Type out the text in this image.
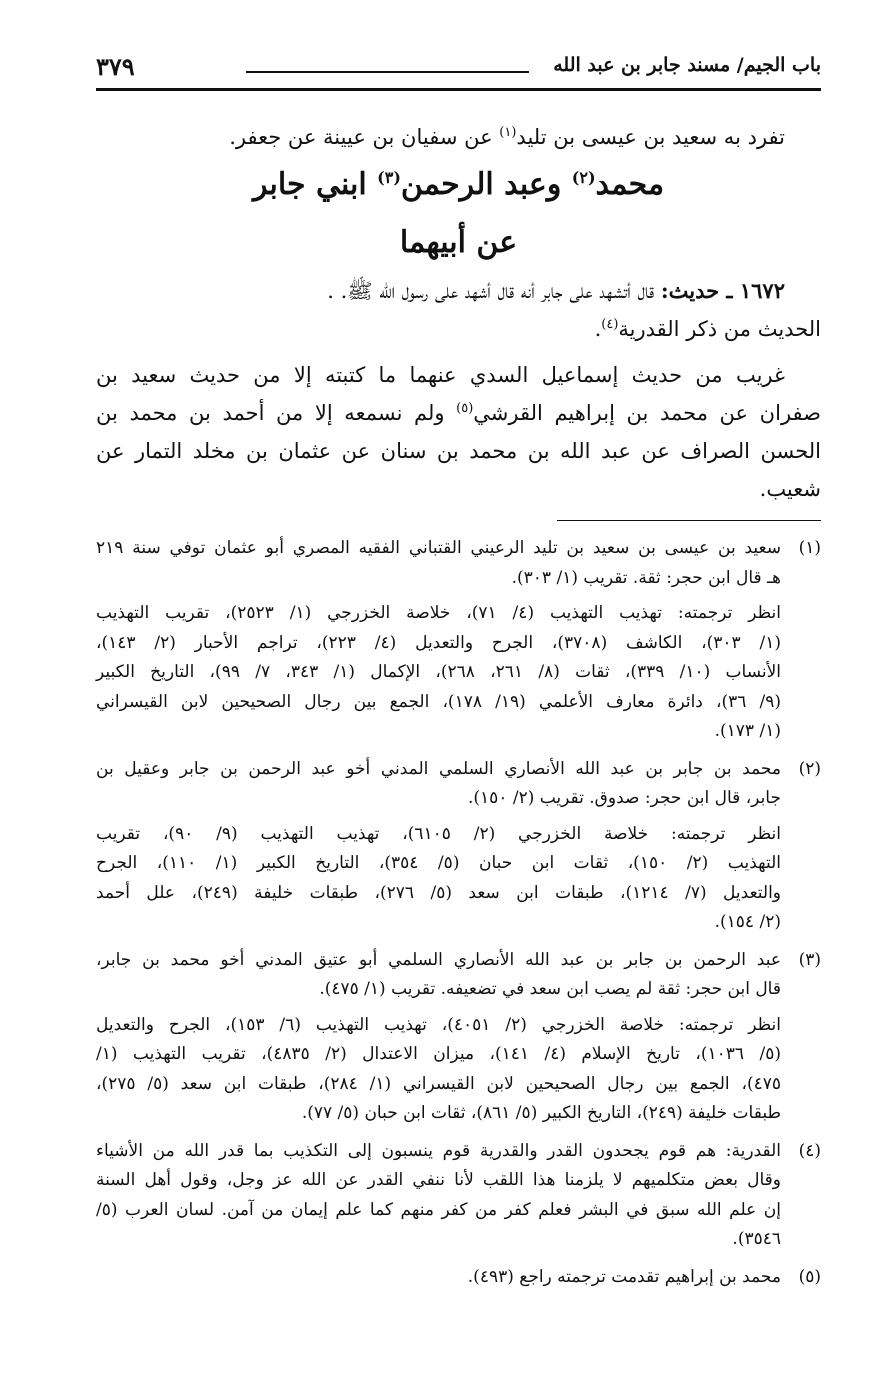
باب الجيم/ مسند جابر بن عبد الله
٣٧٩
تفرد به سعيد بن عيسى بن تليد$^{(١)}$ عن سفيان بن عيينة عن جعفر.
محمد$^{(٢)}$ وعبد الرحمن$^{(٣)}$ ابني جابر
عن أبيهما
١٦٧٢ ـ حديث: قال أتشهد على جابر أنه قال أشهد على رسول الله ﷺ. .
الحديث من ذكر القدرية$^{(٤)}$.
غريب من حديث إسماعيل السدي عنهما ما كتبته إلا من حديث سعيد بن
صفران عن محمد بن إبراهيم القرشي$^{(٥)}$ ولم نسمعه إلا من أحمد بن محمد بن
الحسن الصراف عن عبد الله بن محمد بن سنان عن عثمان بن مخلد التمار عن
شعيب.
(١)
سعيد بن عيسى بن سعيد بن تليد الرعيني القتباني الفقيه المصري أبو عثمان توفي سنة ٢١٩
هـ قال ابن حجر: ثقة. تقريب (١/ ٣٠٣).
انظر ترجمته: تهذيب التهذيب (٤/ ٧١)، خلاصة الخزرجي (١/ ٢٥٢٣)، تقريب التهذيب
(١/ ٣٠٣)، الكاشف (٣٧٠٨)، الجرح والتعديل (٤/ ٢٢٣)، تراجم الأحبار (٢/ ١٤٣)،
الأنساب (١٠/ ٣٣٩)، ثقات (٨/ ٢٦١، ٢٦٨)، الإكمال (١/ ٣٤٣، ٧/ ٩٩)، التاريخ الكبير
(٩/ ٣٦)، دائرة معارف الأعلمي (١٩/ ١٧٨)، الجمع بين رجال الصحيحين لابن القيسراني
(١/ ١٧٣).
(٢)
محمد بن جابر بن عبد الله الأنصاري السلمي المدني أخو عبد الرحمن بن جابر وعقيل بن
جابر، قال ابن حجر: صدوق. تقريب (٢/ ١٥٠).
انظر ترجمته: خلاصة الخزرجي (٢/ ٦١٠٥)، تهذيب التهذيب (٩/ ٩٠)، تقريب
التهذيب (٢/ ١٥٠)، ثقات ابن حبان (٥/ ٣٥٤)، التاريخ الكبير (١/ ١١٠)، الجرح
والتعديل (٧/ ١٢١٤)، طبقات ابن سعد (٥/ ٢٧٦)، طبقات خليفة (٢٤٩)، علل أحمد
(٢/ ١٥٤).
(٣)
عبد الرحمن بن جابر بن عبد الله الأنصاري السلمي أبو عتيق المدني أخو محمد بن جابر،
قال ابن حجر: ثقة لم يصب ابن سعد في تضعيفه. تقريب (١/ ٤٧٥).
انظر ترجمته: خلاصة الخزرجي (٢/ ٤٠٥١)، تهذيب التهذيب (٦/ ١٥٣)، الجرح والتعديل
(٥/ ١٠٣٦)، تاريخ الإسلام (٤/ ١٤١)، ميزان الاعتدال (٢/ ٤٨٣٥)، تقريب التهذيب (١/
٤٧٥)، الجمع بين رجال الصحيحين لابن القيسراني (١/ ٢٨٤)، طبقات ابن سعد (٥/ ٢٧٥)،
طبقات خليفة (٢٤٩)، التاريخ الكبير (٥/ ٨٦١)، ثقات ابن حبان (٥/ ٧٧).
(٤)
القدرية: هم قوم يجحدون القدر والقدرية قوم ينسبون إلى التكذيب بما قدر الله من الأشياء
وقال بعض متكلميهم لا يلزمنا هذا اللقب لأنا ننفي القدر عن الله عز وجل، وقول أهل السنة
إن علم الله سبق في البشر فعلم كفر من كفر منهم كما علم إيمان من آمن. لسان العرب (٥/
٣٥٤٦).
(٥)
محمد بن إبراهيم تقدمت ترجمته راجع (٤٩٣).
